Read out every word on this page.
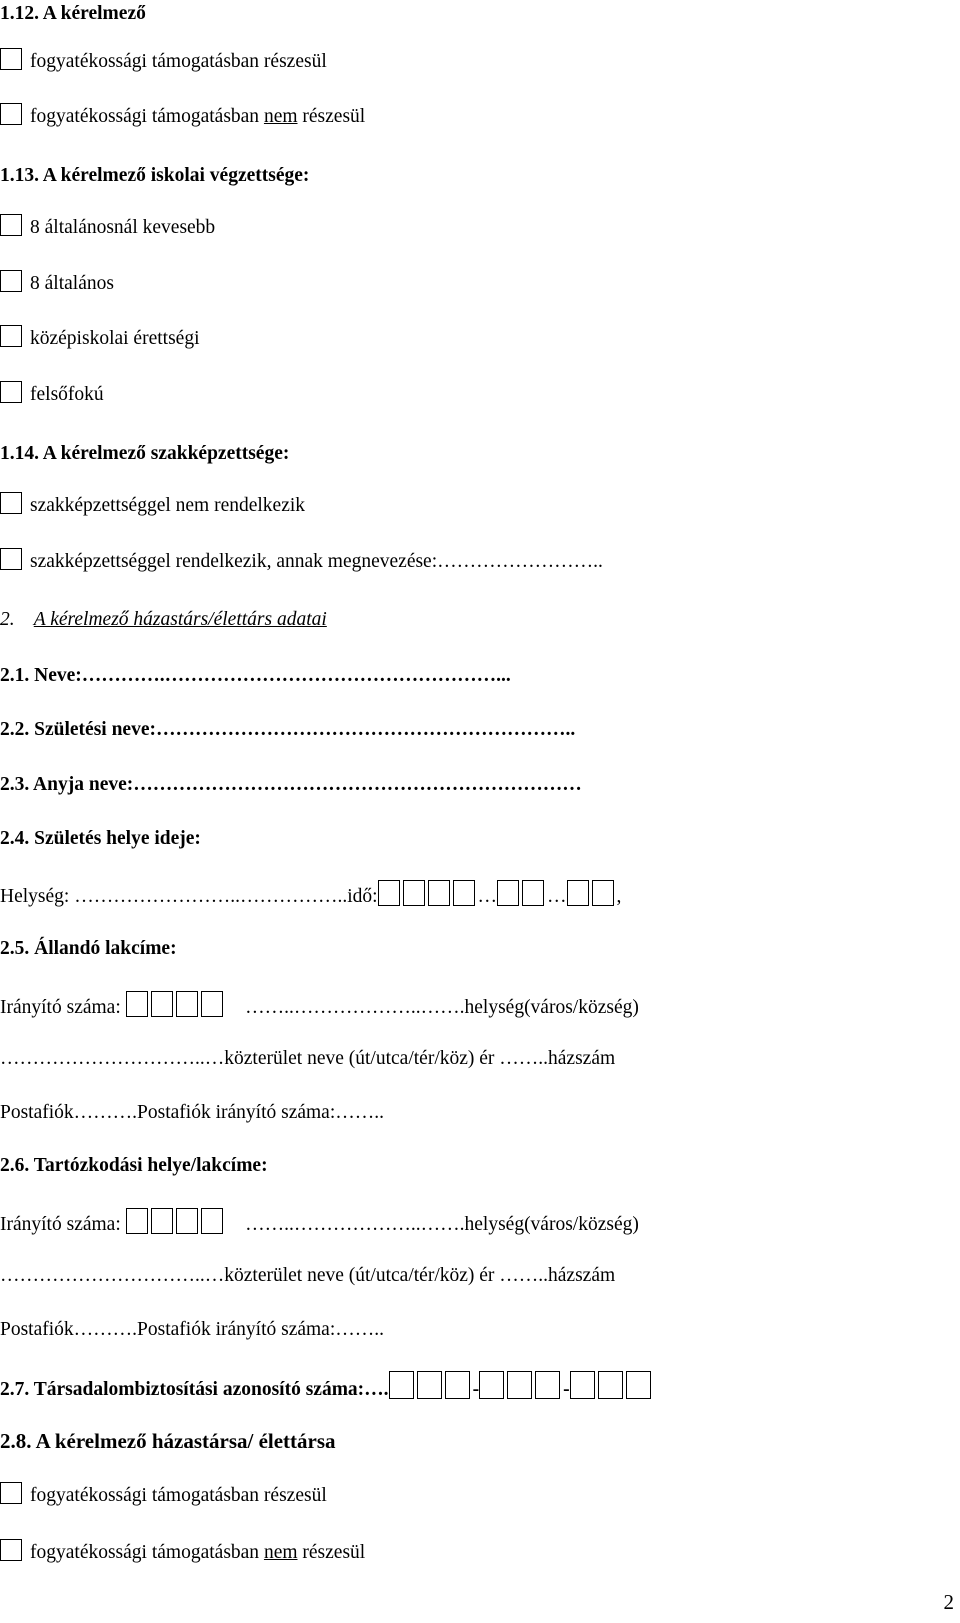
1.12. A kérelmező
fogyatékossági támogatásban részesül
fogyatékossági támogatásban nem részesül
1.13. A kérelmező iskolai végzettsége:
8 általánosnál kevesebb
8 általános
középiskolai érettségi
felsőfokú
1.14. A kérelmező szakképzettsége:
szakképzettséggel nem rendelkezik
szakképzettséggel rendelkezik, annak megnevezése:……………………..
2. A kérelmező házastárs/élettárs adatai
2.1. Neve:………….……………………………………………...
2.2. Születési neve:………………………………………………………..
2.3. Anyja neve:……………………………………………………………
2.4. Születés helye ideje:
Helység: ……………………..……………..idő:	…	…	,
2.5. Állandó lakcíme:
Irányító száma:	……..………………..…….helység(város/község)
…………………………..…közterület neve (út/utca/tér/köz) ér ……..házszám
Postafiók……….Postafiók irányító száma:……..
2.6. Tartózkodási helye/lakcíme:
Irányító száma:	……..………………..…….helység(város/község)
…………………………..…közterület neve (út/utca/tér/köz) ér ……..házszám
Postafiók……….Postafiók irányító száma:……..
2.7. Társadalombiztosítási azonosító száma:….	-	-
2.8. A kérelmező házastársa/ élettársa
fogyatékossági támogatásban részesül
fogyatékossági támogatásban nem részesül
2
